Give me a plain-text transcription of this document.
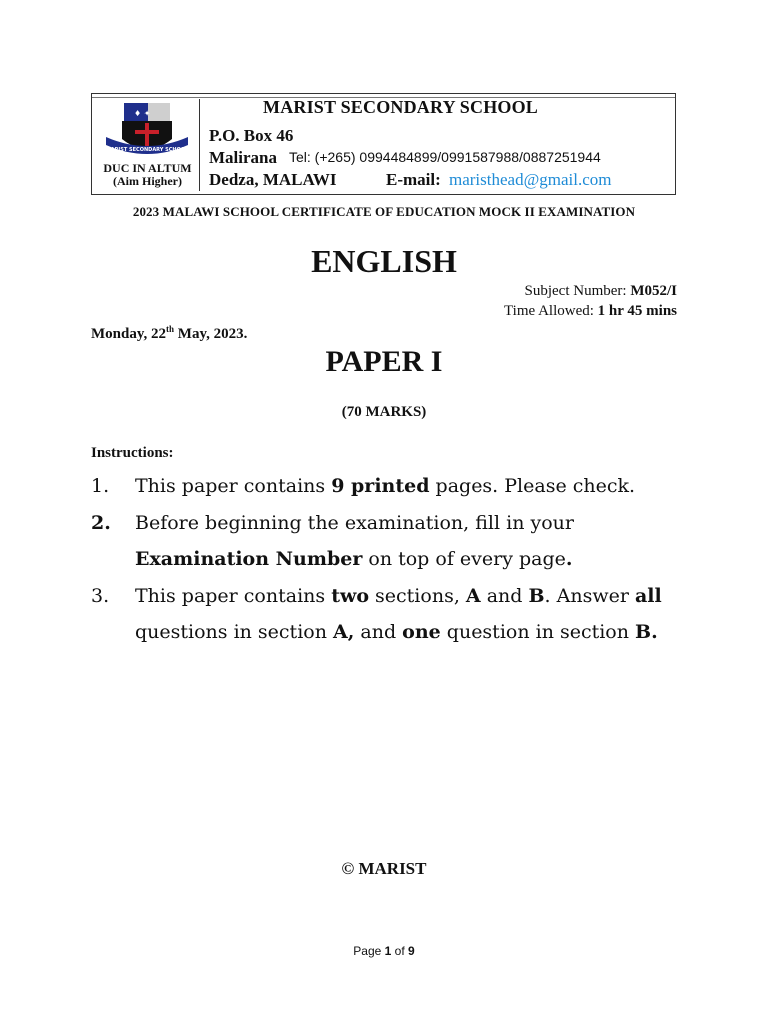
♦ ✦
MARIST SECONDARY SCHOOL
DUC IN ALTUM
(Aim Higher)
MARIST SECONDARY SCHOOL
P.O. Box 46
Malirana Tel: (+265) 0994484899/0991587988/0887251944
Dedza, MALAWI	E-mail: maristhead@gmail.com
2023 MALAWI SCHOOL CERTIFICATE OF EDUCATION MOCK II EXAMINATION
ENGLISH
Subject Number: M052/I
Time Allowed: 1 hr 45 mins
Monday, 22th May, 2023.
PAPER I
(70 MARKS)
Instructions:
1. This paper contains 9 printed pages. Please check.
2. Before beginning the examination, fill in your
Examination Number on top of every page.
3. This paper contains two sections, A and B. Answer all
questions in section A, and one question in section B.
© MARIST
Page 1 of 9
